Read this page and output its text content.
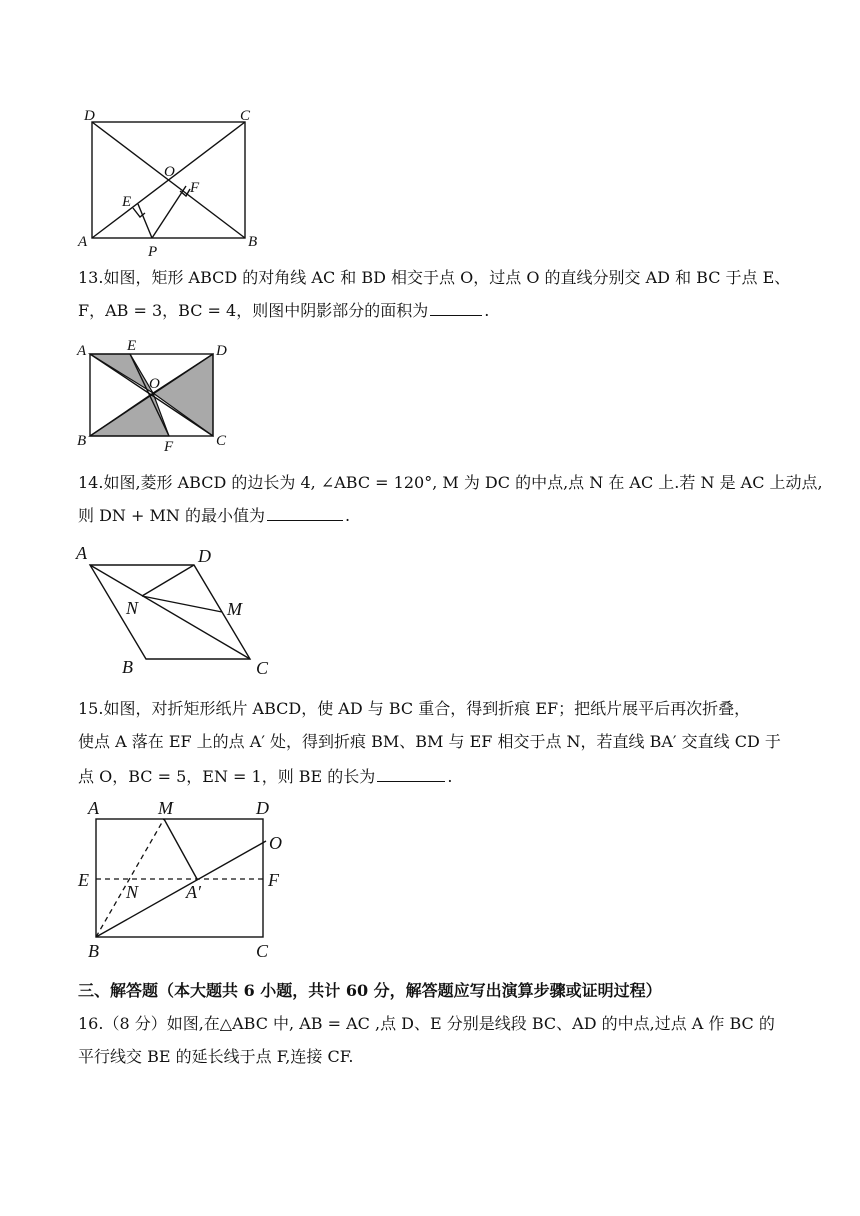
D	C
O
E
F
A
P
B
13.如图，矩形 ABCD 的对角线 AC 和 BD 相交于点 O，过点 O 的直线分别交 AD 和 BC 于点 E、
F，AB = 3，BC = 4，则图中阴影部分的面积为	.
A	E	D
O
B	F	C
14.如图,菱形 ABCD 的边长为 4, ∠ABC = 120°, M 为 DC 的中点,点 N 在 AC 上.若 N 是 AC 上动点,
则 DN + MN 的最小值为	.
A	D
N	M
B	C
15.如图，对折矩形纸片 ABCD，使 AD 与 BC 重合，得到折痕 EF；把纸片展平后再次折叠，
使点 A 落在 EF 上的点 A′ 处，得到折痕 BM、BM 与 EF 相交于点 N，若直线 BA′ 交直线 CD 于
点 O，BC = 5，EN = 1，则 BE 的长为	.
A	M	D
O
E
N	A′
F
B	C
三、解答题（本大题共 6 小题，共计 60 分，解答题应写出演算步骤或证明过程）
16.（8 分）如图,在△ABC 中, AB = AC ,点 D、E 分别是线段 BC、AD 的中点,过点 A 作 BC 的
平行线交 BE 的延长线于点 F,连接 CF.
